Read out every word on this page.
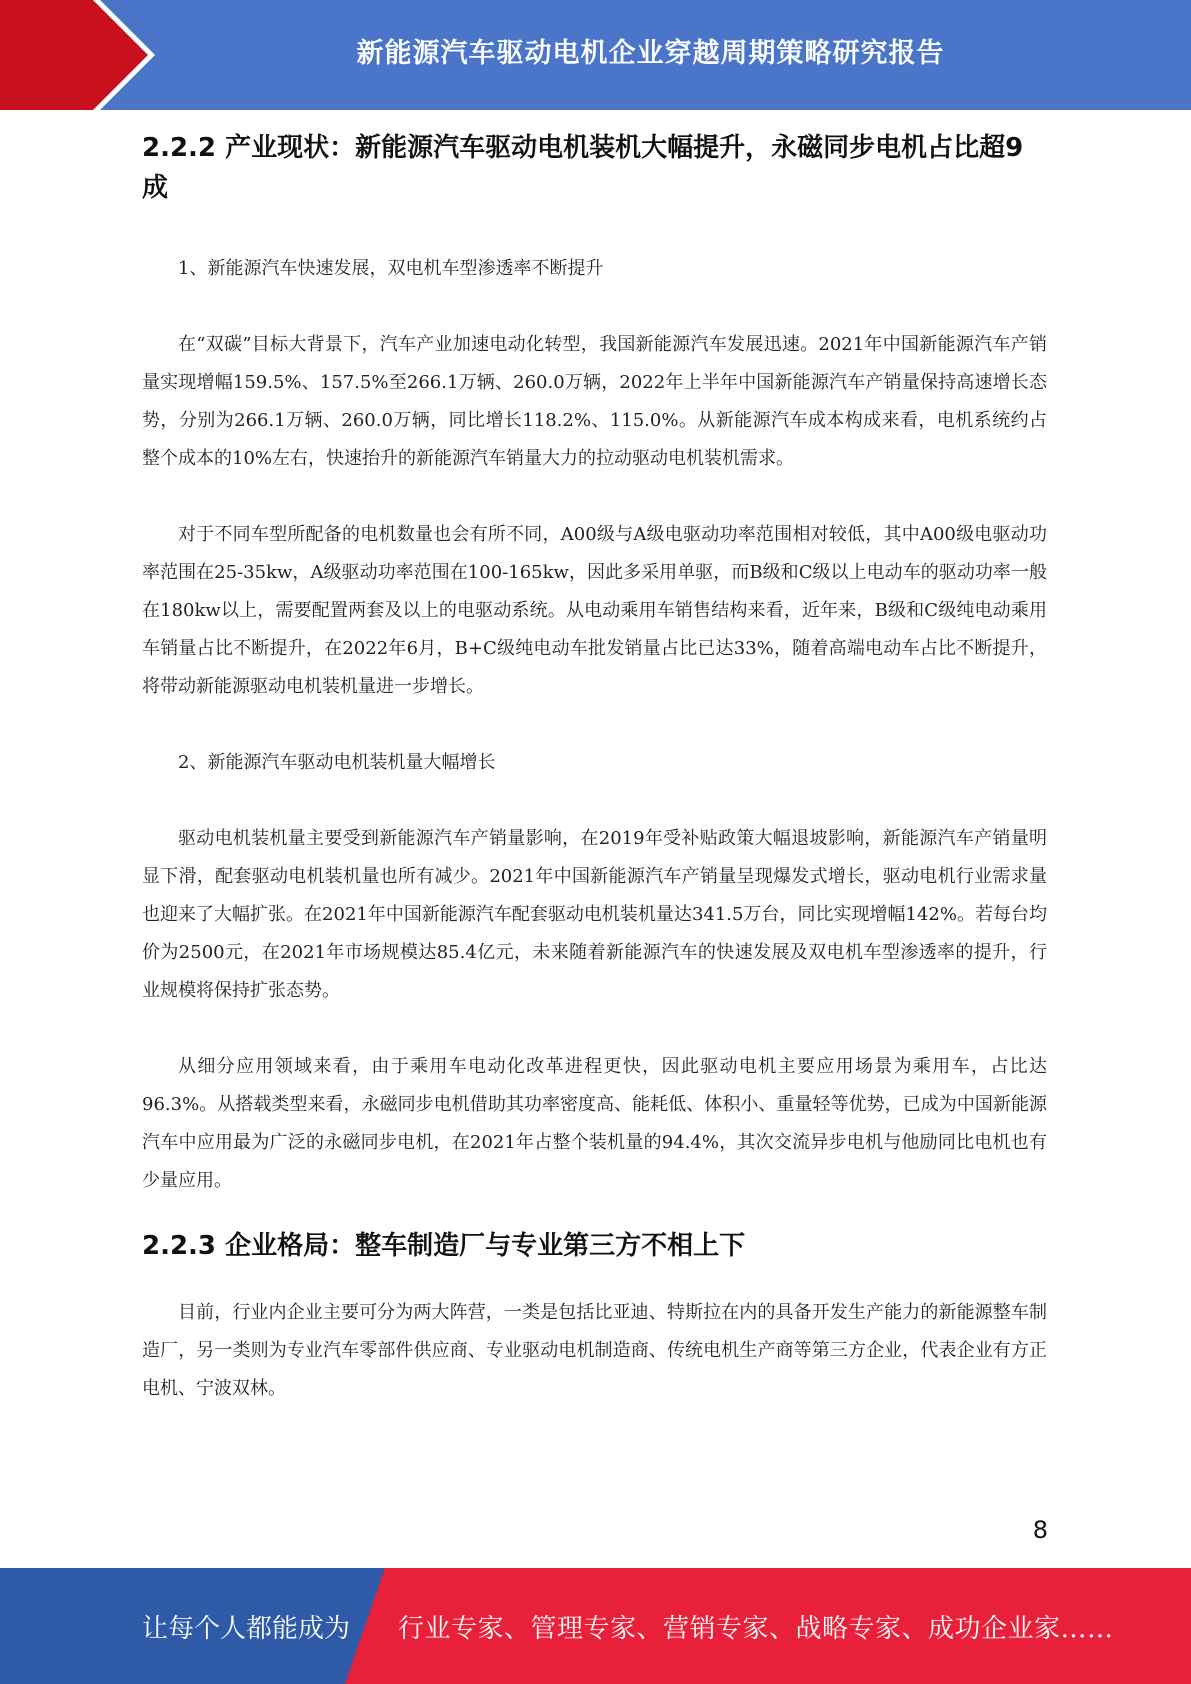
新能源汽车驱动电机企业穿越周期策略研究报告
2.2.2 产业现状：新能源汽车驱动电机装机大幅提升，永磁同步电机占比超9成

1、新能源汽车快速发展，双电机车型渗透率不断提升

在“双碳”目标大背景下，汽车产业加速电动化转型，我国新能源汽车发展迅速。2021年中国新能源汽车产销量实现增幅159.5%、157.5%至266.1万辆、260.0万辆，2022年上半年中国新能源汽车产销量保持高速增长态势，分别为266.1万辆、260.0万辆，同比增长118.2%、115.0%。从新能源汽车成本构成来看，电机系统约占整个成本的10%左右，快速抬升的新能源汽车销量大力的拉动驱动电机装机需求。

对于不同车型所配备的电机数量也会有所不同，A00级与A级电驱动功率范围相对较低，其中A00级电驱动功率范围在25-35kw，A级驱动功率范围在100-165kw，因此多采用单驱，而B级和C级以上电动车的驱动功率一般在180kw以上，需要配置两套及以上的电驱动系统。从电动乘用车销售结构来看，近年来，B级和C级纯电动乘用车销量占比不断提升，在2022年6月，B+C级纯电动车批发销量占比已达33%，随着高端电动车占比不断提升，将带动新能源驱动电机装机量进一步增长。

2、新能源汽车驱动电机装机量大幅增长

驱动电机装机量主要受到新能源汽车产销量影响，在2019年受补贴政策大幅退坡影响，新能源汽车产销量明显下滑，配套驱动电机装机量也所有减少。2021年中国新能源汽车产销量呈现爆发式增长，驱动电机行业需求量也迎来了大幅扩张。在2021年中国新能源汽车配套驱动电机装机量达341.5万台，同比实现增幅142%。若每台均价为2500元，在2021年市场规模达85.4亿元，未来随着新能源汽车的快速发展及双电机车型渗透率的提升，行业规模将保持扩张态势。

从细分应用领域来看，由于乘用车电动化改革进程更快，因此驱动电机主要应用场景为乘用车，占比达96.3%。从搭载类型来看，永磁同步电机借助其功率密度高、能耗低、体积小、重量轻等优势，已成为中国新能源汽车中应用最为广泛的永磁同步电机，在2021年占整个装机量的94.4%，其次交流异步电机与他励同比电机也有少量应用。

2.2.3 企业格局：整车制造厂与专业第三方不相上下

目前，行业内企业主要可分为两大阵营，一类是包括比亚迪、特斯拉在内的具备开发生产能力的新能源整车制造厂，另一类则为专业汽车零部件供应商、专业驱动电机制造商、传统电机生产商等第三方企业，代表企业有方正电机、宁波双林。

8
让每个人都能成为 行业专家、管理专家、营销专家、战略专家、成功企业家……
